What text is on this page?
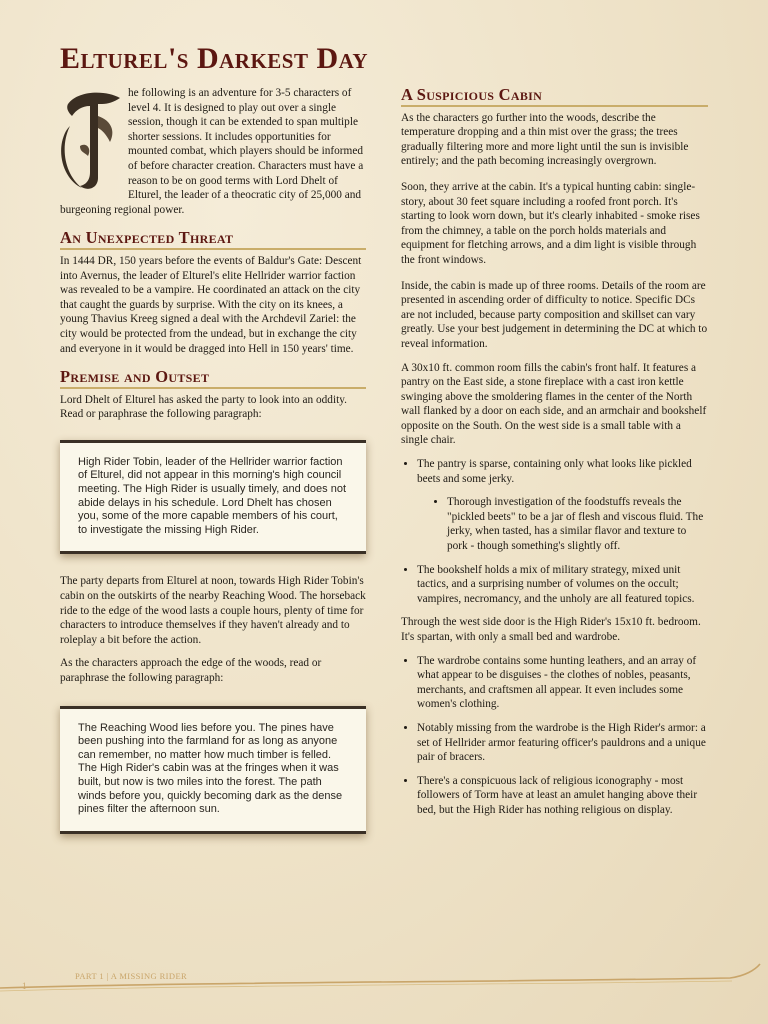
Elturel's Darkest Day

he following is an adventure for 3-5 characters of level 4. It is designed to play out over a single session, though it can be extended to span multiple shorter sessions. It includes opportunities for mounted combat, which players should be informed of before character creation. Characters must have a reason to be on good terms with Lord Dhelt of Elturel, the leader of a theocratic city of 25,000 and burgeoning regional power.

An Unexpected Threat

In 1444 DR, 150 years before the events of Baldur's Gate: Descent into Avernus, the leader of Elturel's elite Hellrider warrior faction was revealed to be a vampire. He coordinated an attack on the city that caught the guards by surprise. With the city on its knees, a young Thavius Kreeg signed a deal with the Archdevil Zariel: the city would be protected from the undead, but in exchange the city and everyone in it would be dragged into Hell in 150 years' time.

Premise and Outset

Lord Dhelt of Elturel has asked the party to look into an oddity. Read or paraphrase the following paragraph:

High Rider Tobin, leader of the Hellrider warrior faction of Elturel, did not appear in this morning's high council meeting. The High Rider is usually timely, and does not abide delays in his schedule. Lord Dhelt has chosen you, some of the more capable members of his court, to investigate the missing High Rider.

The party departs from Elturel at noon, towards High Rider Tobin's cabin on the outskirts of the nearby Reaching Wood. The horseback ride to the edge of the wood lasts a couple hours, plenty of time for characters to introduce themselves if they haven't already and to roleplay a bit before the action.

As the characters approach the edge of the woods, read or paraphrase the following paragraph:

The Reaching Wood lies before you. The pines have been pushing into the farmland for as long as anyone can remember, no matter how much timber is felled. The High Rider's cabin was at the fringes when it was built, but now is two miles into the forest. The path winds before you, quickly becoming dark as the dense pines filter the afternoon sun.
A Suspicious Cabin

As the characters go further into the woods, describe the temperature dropping and a thin mist over the grass; the trees gradually filtering more and more light until the sun is invisible entirely; and the path becoming increasingly overgrown.

Soon, they arrive at the cabin. It's a typical hunting cabin: single-story, about 30 feet square including a roofed front porch. It's starting to look worn down, but it's clearly inhabited - smoke rises from the chimney, a table on the porch holds materials and equipment for fletching arrows, and a dim light is visible through the front windows.

Inside, the cabin is made up of three rooms. Details of the room are presented in ascending order of difficulty to notice. Specific DCs are not included, because party composition and skillset can vary greatly. Use your best judgement in determining the DC at which to reveal information.

A 30x10 ft. common room fills the cabin's front half. It features a pantry on the East side, a stone fireplace with a cast iron kettle swinging above the smoldering flames in the center of the North wall flanked by a door on each side, and an armchair and bookshelf opposite on the South. On the west side is a small table with a single chair.

• The pantry is sparse, containing only what looks like pickled beets and some jerky.
• Thorough investigation of the foodstuffs reveals the "pickled beets" to be a jar of flesh and viscous fluid. The jerky, when tasted, has a similar flavor and texture to pork - though something's slightly off.
• The bookshelf holds a mix of military strategy, mixed unit tactics, and a surprising number of volumes on the occult; vampires, necromancy, and the unholy are all featured topics.

Through the west side door is the High Rider's 15x10 ft. bedroom. It's spartan, with only a small bed and wardrobe.

• The wardrobe contains some hunting leathers, and an array of what appear to be disguises - the clothes of nobles, peasants, merchants, and craftsmen all appear. It even includes some women's clothing.
• Notably missing from the wardrobe is the High Rider's armor: a set of Hellrider armor featuring officer's pauldrons and a unique pair of bracers.
• There's a conspicuous lack of religious iconography - most followers of Torm have at least an amulet hanging above their bed, but the High Rider has nothing religious on display.
PART 1 | A MISSING RIDER
1
